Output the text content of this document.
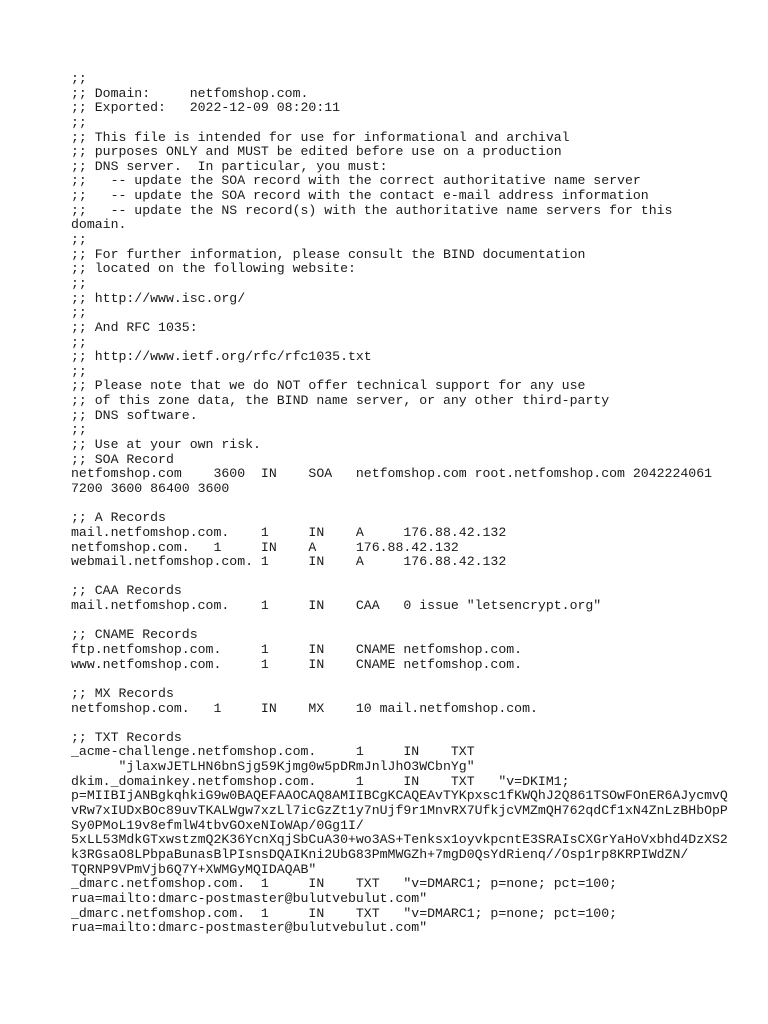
;;
;; Domain:     netfomshop.com.
;; Exported:   2022-12-09 08:20:11
;;
;; This file is intended for use for informational and archival
;; purposes ONLY and MUST be edited before use on a production
;; DNS server.  In particular, you must:
;;   -- update the SOA record with the correct authoritative name server
;;   -- update the SOA record with the contact e-mail address information
;;   -- update the NS record(s) with the authoritative name servers for this
domain.
;;
;; For further information, please consult the BIND documentation
;; located on the following website:
;;
;; http://www.isc.org/
;;
;; And RFC 1035:
;;
;; http://www.ietf.org/rfc/rfc1035.txt
;;
;; Please note that we do NOT offer technical support for any use
;; of this zone data, the BIND name server, or any other third-party
;; DNS software.
;;
;; Use at your own risk.
;; SOA Record
netfomshop.com    3600  IN    SOA   netfomshop.com root.netfomshop.com 2042224061
7200 3600 86400 3600
;; A Records
mail.netfomshop.com.    1     IN    A     176.88.42.132
netfomshop.com.   1     IN    A     176.88.42.132
webmail.netfomshop.com. 1     IN    A     176.88.42.132
;; CAA Records
mail.netfomshop.com.    1     IN    CAA   0 issue "letsencrypt.org"
;; CNAME Records
ftp.netfomshop.com.     1     IN    CNAME netfomshop.com.
www.netfomshop.com.     1     IN    CNAME netfomshop.com.
;; MX Records
netfomshop.com.   1     IN    MX    10 mail.netfomshop.com.
;; TXT Records
_acme-challenge.netfomshop.com.     1     IN    TXT
"jlaxwJETLHN6bnSjg59Kjmg0w5pDRmJnlJhO3WCbnYg"
dkim._domainkey.netfomshop.com.     1     IN    TXT   "v=DKIM1;
p=MIIBIjANBgkqhkiG9w0BAQEFAAOCAQ8AMIIBCgKCAQEAvTYKpxsc1fKWQhJ2Q861TSOwFOnER6AJycmvQ
vRw7xIUDxBOc89uvTKALWgw7xzLl7icGzZt1y7nUjf9r1MnvRX7UfkjcVMZmQH762qdCf1xN4ZnLzBHbOpP
Sy0PMoL19v8efmlW4tbvGOxeNIoWAp/0Gg1I/
5xLL53MdkGTxwstzmQ2K36YcnXqjSbCuA30+wo3AS+Tenksx1oyvkpcntE3SRAIsCXGrYaHoVxbhd4DzXS2
k3RGsaO8LPbpaBunasBlPIsnsDQAIKni2UbG83PmMWGZh+7mgD0QsYdRienq//Osp1rp8KRPIWdZN/
TQRNP9VPmVjb6Q7Y+XWMGyMQIDAQAB"
_dmarc.netfomshop.com.  1     IN    TXT   "v=DMARC1; p=none; pct=100;
rua=mailto:dmarc-postmaster@bulutvebulut.com"
_dmarc.netfomshop.com.  1     IN    TXT   "v=DMARC1; p=none; pct=100;
rua=mailto:dmarc-postmaster@bulutvebulut.com"
